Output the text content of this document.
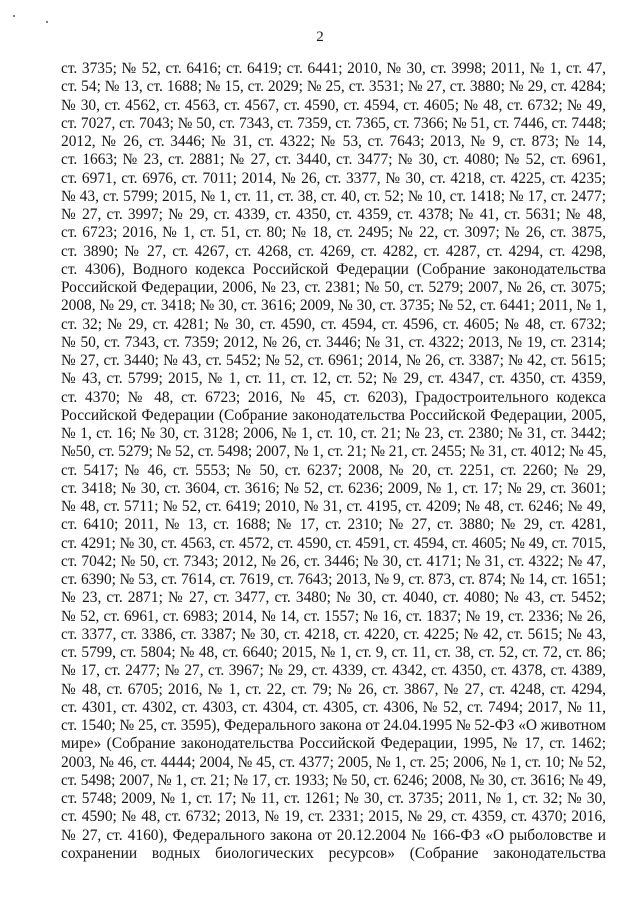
2
ст. 3735; № 52, ст. 6416; ст. 6419; ст. 6441; 2010, № 30, ст. 3998; 2011, № 1, ст. 47,
ст. 54; № 13, ст. 1688; № 15, ст. 2029; № 25, ст. 3531; № 27, ст. 3880; № 29, ст. 4284;
№ 30, ст. 4562, ст. 4563, ст. 4567, ст. 4590, ст. 4594, ст. 4605; № 48, ст. 6732; № 49,
ст. 7027, ст. 7043; № 50, ст. 7343, ст. 7359, ст. 7365, ст. 7366; № 51, ст. 7446, ст. 7448;
2012, № 26, ст. 3446; № 31, ст. 4322; № 53, ст. 7643; 2013, № 9, ст. 873; № 14,
ст. 1663; № 23, ст. 2881; № 27, ст. 3440, ст. 3477; № 30, ст. 4080; № 52, ст. 6961,
ст. 6971, ст. 6976, ст. 7011; 2014, № 26, ст. 3377, № 30, ст. 4218, ст. 4225, ст. 4235;
№ 43, ст. 5799; 2015, № 1, ст. 11, ст. 38, ст. 40, ст. 52; № 10, ст. 1418; № 17, ст. 2477;
№ 27, ст. 3997; № 29, ст. 4339, ст. 4350, ст. 4359, ст. 4378; № 41, ст. 5631; № 48,
ст. 6723; 2016, № 1, ст. 51, ст. 80; № 18, ст. 2495; № 22, ст. 3097; № 26, ст. 3875,
ст. 3890; № 27, ст. 4267, ст. 4268, ст. 4269, ст. 4282, ст. 4287, ст. 4294, ст. 4298,
ст. 4306), Водного кодекса Российской Федерации (Собрание законодательства
Российской Федерации, 2006, № 23, ст. 2381; № 50, ст. 5279; 2007, № 26, ст. 3075;
2008, № 29, ст. 3418; № 30, ст. 3616; 2009, № 30, ст. 3735; № 52, ст. 6441; 2011, № 1,
ст. 32; № 29, ст. 4281; № 30, ст. 4590, ст. 4594, ст. 4596, ст. 4605; № 48, ст. 6732;
№ 50, ст. 7343, ст. 7359; 2012, № 26, ст. 3446; № 31, ст. 4322; 2013, № 19, ст. 2314;
№ 27, ст. 3440; № 43, ст. 5452; № 52, ст. 6961; 2014, № 26, ст. 3387; № 42, ст. 5615;
№ 43, ст. 5799; 2015, № 1, ст. 11, ст. 12, ст. 52; № 29, ст. 4347, ст. 4350, ст. 4359,
ст. 4370; № 48, ст. 6723; 2016, № 45, ст. 6203), Градостроительного кодекса
Российской Федерации (Собрание законодательства Российской Федерации, 2005,
№ 1, ст. 16; № 30, ст. 3128; 2006, № 1, ст. 10, ст. 21; № 23, ст. 2380; № 31, ст. 3442;
№50, ст. 5279; № 52, ст. 5498; 2007, № 1, ст. 21; № 21, ст. 2455; № 31, ст. 4012; № 45,
ст. 5417; № 46, ст. 5553; № 50, ст. 6237; 2008, № 20, ст. 2251, ст. 2260; № 29,
ст. 3418; № 30, ст. 3604, ст. 3616; № 52, ст. 6236; 2009, № 1, ст. 17; № 29, ст. 3601;
№ 48, ст. 5711; № 52, ст. 6419; 2010, № 31, ст. 4195, ст. 4209; № 48, ст. 6246; № 49,
ст. 6410; 2011, № 13, ст. 1688; № 17, ст. 2310; № 27, ст. 3880; № 29, ст. 4281,
ст. 4291; № 30, ст. 4563, ст. 4572, ст. 4590, ст. 4591, ст. 4594, ст. 4605; № 49, ст. 7015,
ст. 7042; № 50, ст. 7343; 2012, № 26, ст. 3446; № 30, ст. 4171; № 31, ст. 4322; № 47,
ст. 6390; № 53, ст. 7614, ст. 7619, ст. 7643; 2013, № 9, ст. 873, ст. 874; № 14, ст. 1651;
№ 23, ст. 2871; № 27, ст. 3477, ст. 3480; № 30, ст. 4040, ст. 4080; № 43, ст. 5452;
№ 52, ст. 6961, ст. 6983; 2014, № 14, ст. 1557; № 16, ст. 1837; № 19, ст. 2336; № 26,
ст. 3377, ст. 3386, ст. 3387; № 30, ст. 4218, ст. 4220, ст. 4225; № 42, ст. 5615; № 43,
ст. 5799, ст. 5804; № 48, ст. 6640; 2015, № 1, ст. 9, ст. 11, ст. 38, ст. 52, ст. 72, ст. 86;
№ 17, ст. 2477; № 27, ст. 3967; № 29, ст. 4339, ст. 4342, ст. 4350, ст. 4378, ст. 4389,
№ 48, ст. 6705; 2016, № 1, ст. 22, ст. 79; № 26, ст. 3867, № 27, ст. 4248, ст. 4294,
ст. 4301, ст. 4302, ст. 4303, ст. 4304, ст. 4305, ст. 4306, № 52, ст. 7494; 2017, № 11,
ст. 1540; № 25, ст. 3595), Федерального закона от 24.04.1995 № 52-ФЗ «О животном
мире» (Собрание законодательства Российской Федерации, 1995, № 17, ст. 1462;
2003, № 46, ст. 4444; 2004, № 45, ст. 4377; 2005, № 1, ст. 25; 2006, № 1, ст. 10; № 52,
ст. 5498; 2007, № 1, ст. 21; № 17, ст. 1933; № 50, ст. 6246; 2008, № 30, ст. 3616; № 49,
ст. 5748; 2009, № 1, ст. 17; № 11, ст. 1261; № 30, ст. 3735; 2011, № 1, ст. 32; № 30,
ст. 4590; № 48, ст. 6732; 2013, № 19, ст. 2331; 2015, № 29, ст. 4359, ст. 4370; 2016,
№ 27, ст. 4160), Федерального закона от 20.12.2004 № 166-ФЗ «О рыболовстве и
сохранении водных биологических ресурсов» (Собрание законодательства
